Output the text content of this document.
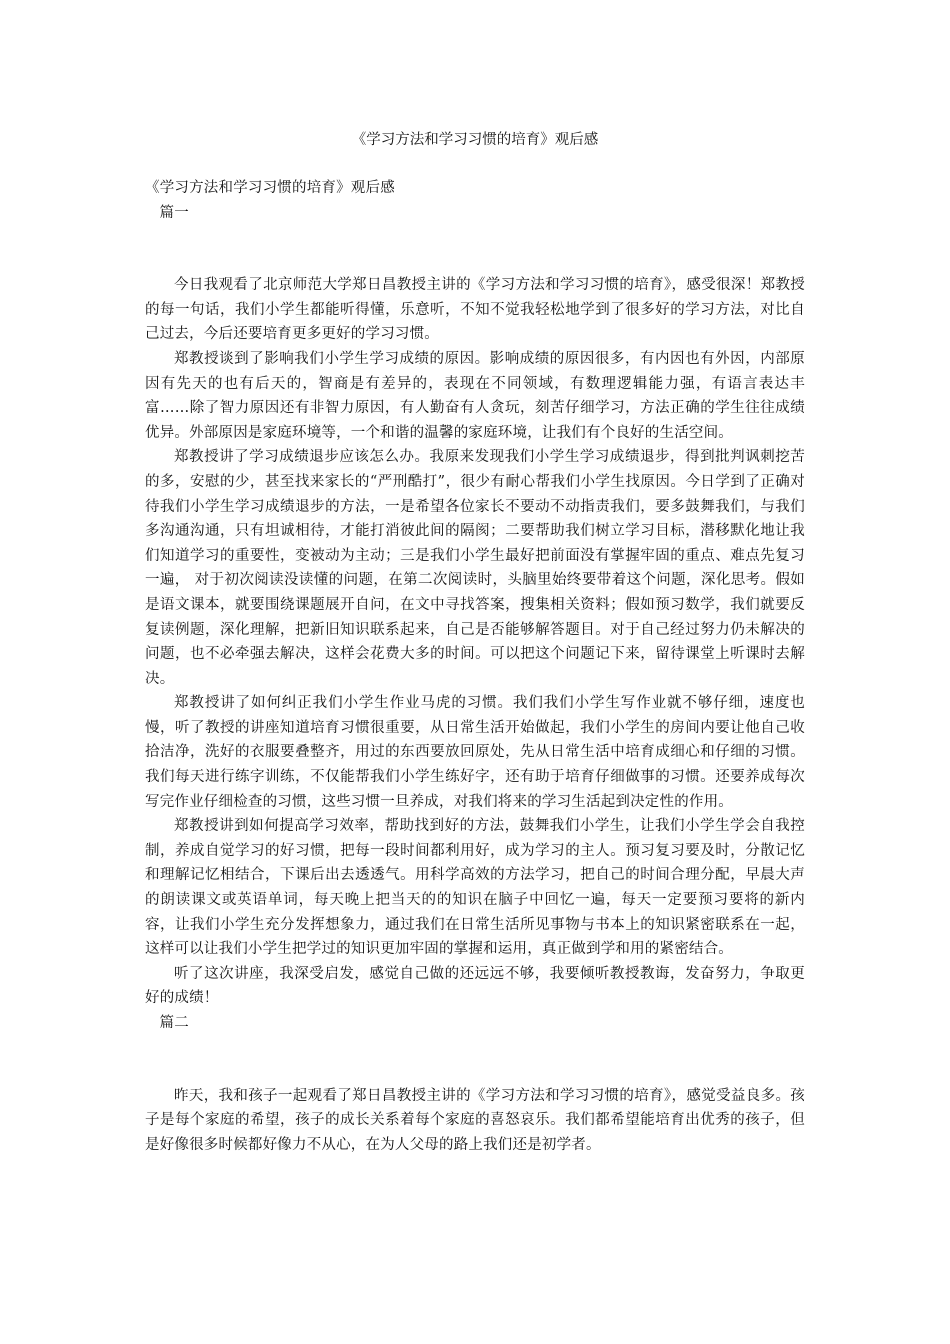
《学习方法和学习习惯的培育》观后感

《学习方法和学习习惯的培育》观后感

篇一

今日我观看了北京师范大学郑日昌教授主讲的《学习方法和学习习惯的培育》，感受很深！郑教授的每一句话，我们小学生都能听得懂，乐意听，不知不觉我轻松地学到了很多好的学习方法，对比自己过去，今后还要培育更多更好的学习习惯。

郑教授谈到了影响我们小学生学习成绩的原因。影响成绩的原因很多，有内因也有外因，内部原因有先天的也有后天的，智商是有差异的，表现在不同领域，有数理逻辑能力强，有语言表达丰富……除了智力原因还有非智力原因，有人勤奋有人贪玩，刻苦仔细学习，方法正确的学生往往成绩优异。外部原因是家庭环境等，一个和谐的温馨的家庭环境，让我们有个良好的生活空间。

郑教授讲了学习成绩退步应该怎么办。我原来发现我们小学生学习成绩退步，得到批判讽刺挖苦的多，安慰的少，甚至找来家长的“严刑酷打”，很少有耐心帮我们小学生找原因。今日学到了正确对待我们小学生学习成绩退步的方法，一是希望各位家长不要动不动指责我们，要多鼓舞我们，与我们多沟通沟通，只有坦诚相待，才能打消彼此间的隔阂；二要帮助我们树立学习目标，潜移默化地让我们知道学习的重要性，变被动为主动；三是我们小学生最好把前面没有掌握牢固的重点、难点先复习一遍， 对于初次阅读没读懂的问题，在第二次阅读时，头脑里始终要带着这个问题，深化思考。假如是语文课本，就要围绕课题展开自问，在文中寻找答案，搜集相关资料；假如预习数学，我们就要反复读例题，深化理解，把新旧知识联系起来，自己是否能够解答题目。对于自己经过努力仍未解决的问题，也不必牵强去解决，这样会花费大多的时间。可以把这个问题记下来，留待课堂上听课时去解决。

郑教授讲了如何纠正我们小学生作业马虎的习惯。我们我们小学生写作业就不够仔细，速度也慢，听了教授的讲座知道培育习惯很重要，从日常生活开始做起，我们小学生的房间内要让他自己收拾洁净，洗好的衣服要叠整齐，用过的东西要放回原处，先从日常生活中培育成细心和仔细的习惯。我们每天进行练字训练，不仅能帮我们小学生练好字，还有助于培育仔细做事的习惯。还要养成每次写完作业仔细检查的习惯，这些习惯一旦养成，对我们将来的学习生活起到决定性的作用。

郑教授讲到如何提高学习效率，帮助找到好的方法，鼓舞我们小学生，让我们小学生学会自我控制，养成自觉学习的好习惯，把每一段时间都利用好，成为学习的主人。预习复习要及时，分散记忆和理解记忆相结合，下课后出去透透气。用科学高效的方法学习，把自己的时间合理分配，早晨大声的朗读课文或英语单词，每天晚上把当天的的知识在脑子中回忆一遍，每天一定要预习要将的新内容，让我们小学生充分发挥想象力，通过我们在日常生活所见事物与书本上的知识紧密联系在一起，这样可以让我们小学生把学过的知识更加牢固的掌握和运用，真正做到学和用的紧密结合。

听了这次讲座，我深受启发，感觉自己做的还远远不够，我要倾听教授教诲，发奋努力，争取更好的成绩！

篇二

昨天，我和孩子一起观看了郑日昌教授主讲的《学习方法和学习习惯的培育》，感觉受益良多。孩子是每个家庭的希望，孩子的成长关系着每个家庭的喜怒哀乐。我们都希望能培育出优秀的孩子，但是好像很多时候都好像力不从心，在为人父母的路上我们还是初学者。
